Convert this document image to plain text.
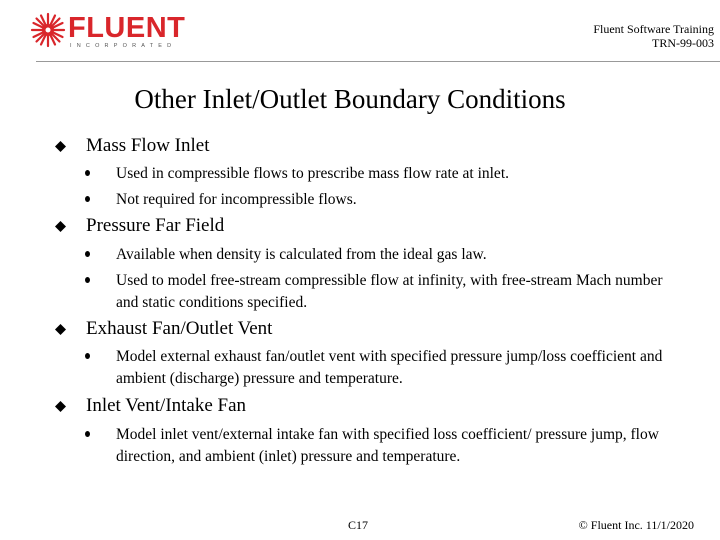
FLUENT
INCORPORATED
Fluent Software Training
TRN-99-003
Other Inlet/Outlet Boundary Conditions
Mass Flow Inlet
Used in compressible flows to prescribe mass flow rate at inlet.
Not required for incompressible flows.
Pressure Far Field
Available when density is calculated from the ideal gas law.
Used to model free-stream compressible flow at infinity, with free-stream Mach number and static conditions specified.
Exhaust Fan/Outlet Vent
Model external exhaust fan/outlet vent with specified pressure jump/loss coefficient and ambient (discharge) pressure and temperature.
Inlet Vent/Intake Fan
Model inlet vent/external intake fan with specified loss coefficient/ pressure jump, flow direction, and ambient (inlet) pressure and temperature.
C17	© Fluent Inc. 11/1/2020
